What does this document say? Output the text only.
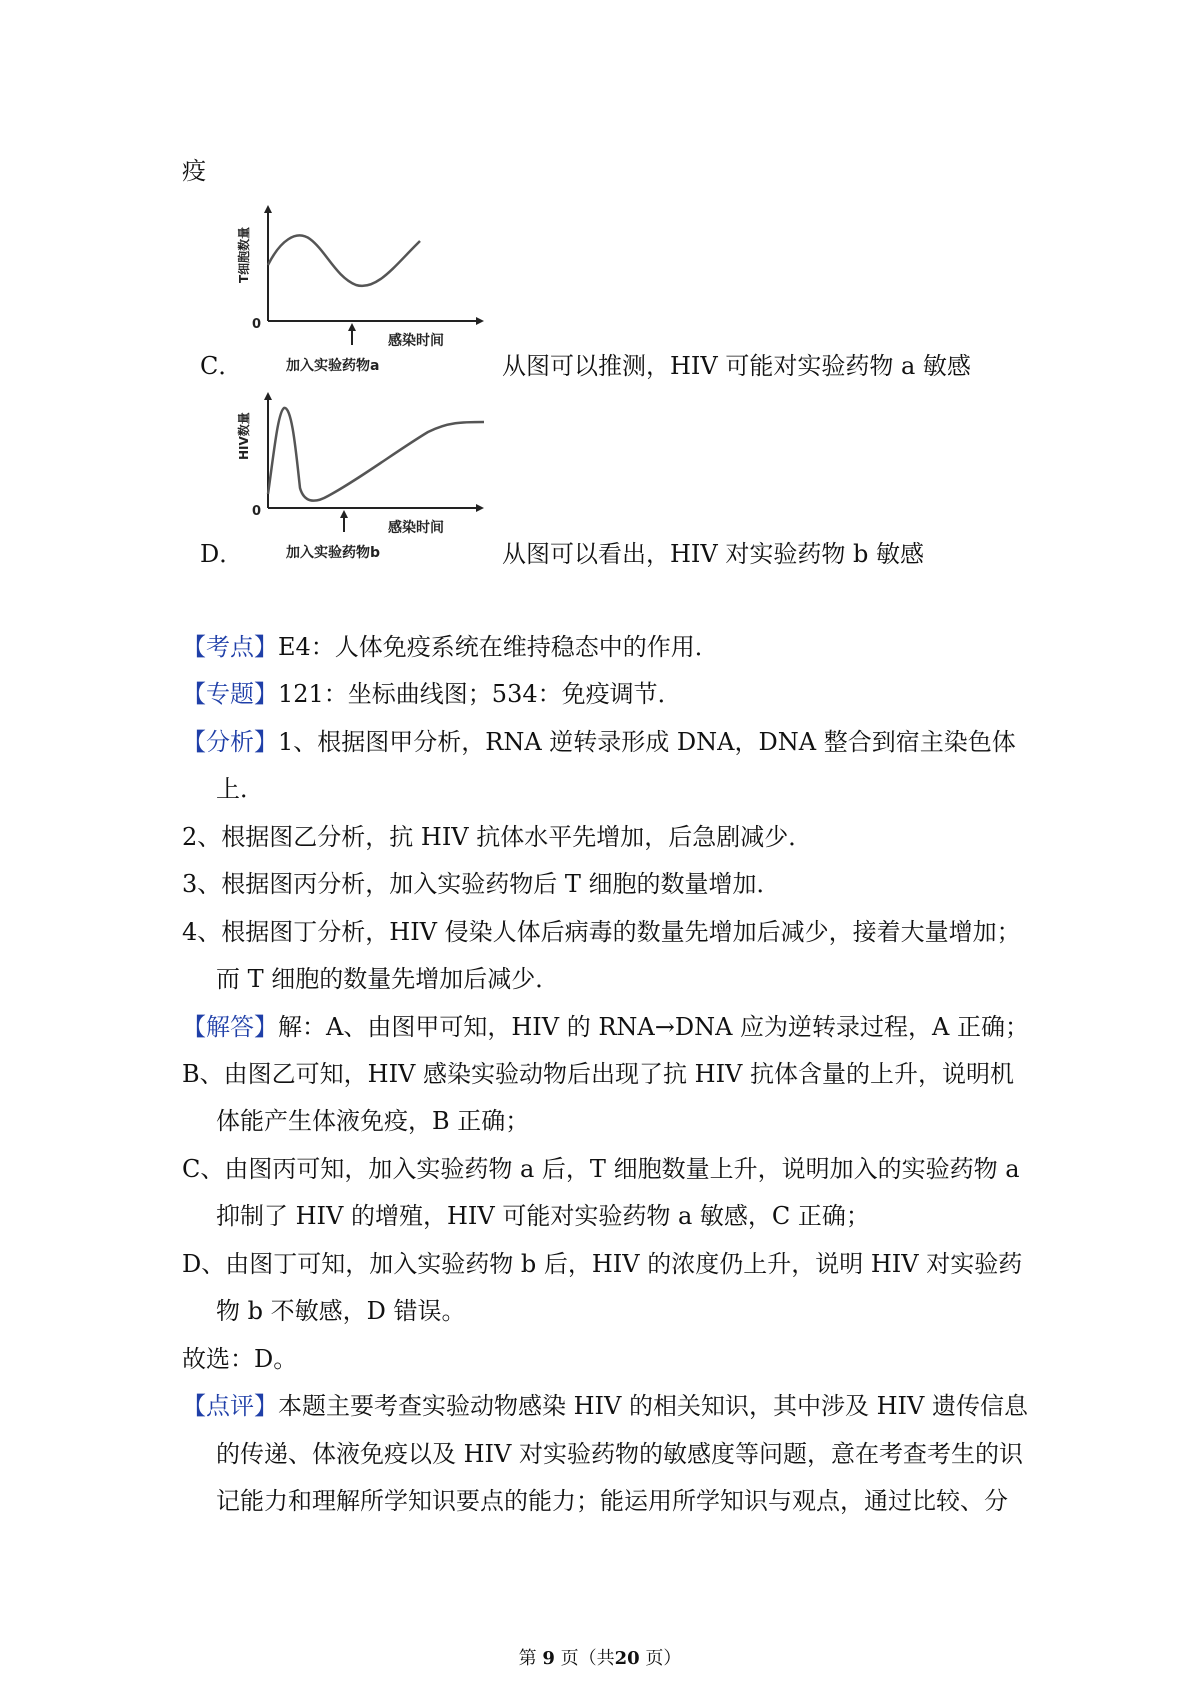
疫
T细胞数量
0
感染时间
加入实验药物a
C．	从图可以推测，HIV 可能对实验药物 a 敏感
HIV数量
0
感染时间
加入实验药物b
D．	从图可以看出，HIV 对实验药物 b 敏感
【考点】E4：人体免疫系统在维持稳态中的作用．
【专题】121：坐标曲线图；534：免疫调节．
【分析】1、根据图甲分析，RNA 逆转录形成 DNA，DNA 整合到宿主染色体
上．
2、根据图乙分析，抗 HIV 抗体水平先增加，后急剧减少．
3、根据图丙分析，加入实验药物后 T 细胞的数量增加．
4、根据图丁分析，HIV 侵染人体后病毒的数量先增加后减少，接着大量增加；
而 T 细胞的数量先增加后减少．
【解答】解：A、由图甲可知，HIV 的 RNA→DNA 应为逆转录过程，A 正确；
B、由图乙可知，HIV 感染实验动物后出现了抗 HIV 抗体含量的上升，说明机
体能产生体液免疫，B 正确；
C、由图丙可知，加入实验药物 a 后，T 细胞数量上升，说明加入的实验药物 a
抑制了 HIV 的增殖，HIV 可能对实验药物 a 敏感，C 正确；
D、由图丁可知，加入实验药物 b 后，HIV 的浓度仍上升，说明 HIV 对实验药
物 b 不敏感，D 错误。
故选：D。
【点评】本题主要考查实验动物感染 HIV 的相关知识，其中涉及 HIV 遗传信息
的传递、体液免疫以及 HIV 对实验药物的敏感度等问题，意在考查考生的识
记能力和理解所学知识要点的能力；能运用所学知识与观点，通过比较、分
第 9 页（共20 页）
